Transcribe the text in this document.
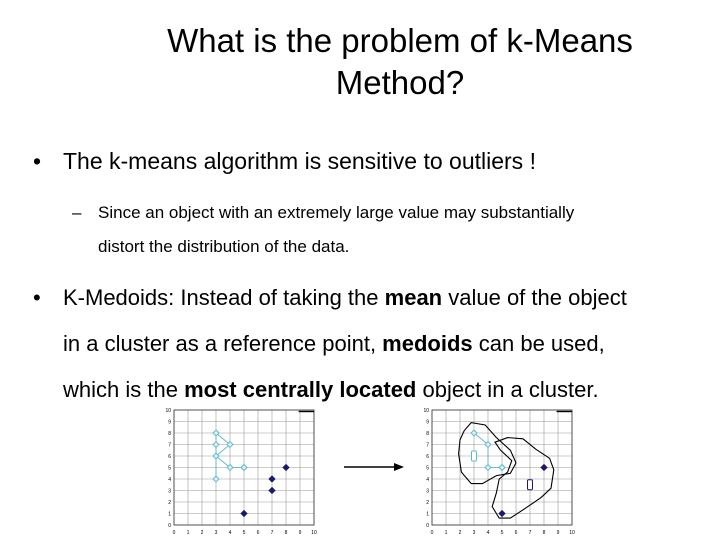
What is the problem of k-Means
Method?
• The k-means algorithm is sensitive to outliers !
– Since an object with an extremely large value may substantially
distort the distribution of the data.
•	K-Medoids: Instead of taking the mean value of the object
in a cluster as a reference point, medoids can be used,
which is the most centrally located object in a cluster.
0 1 2 3 4 5 6 7 8 9 10
0
1
2
3
4
5
6
7
8
9
10
0 1 2 3 4 5 6 7 8 9 10
0
1
2
3
4
5
6
7
8
9
10
